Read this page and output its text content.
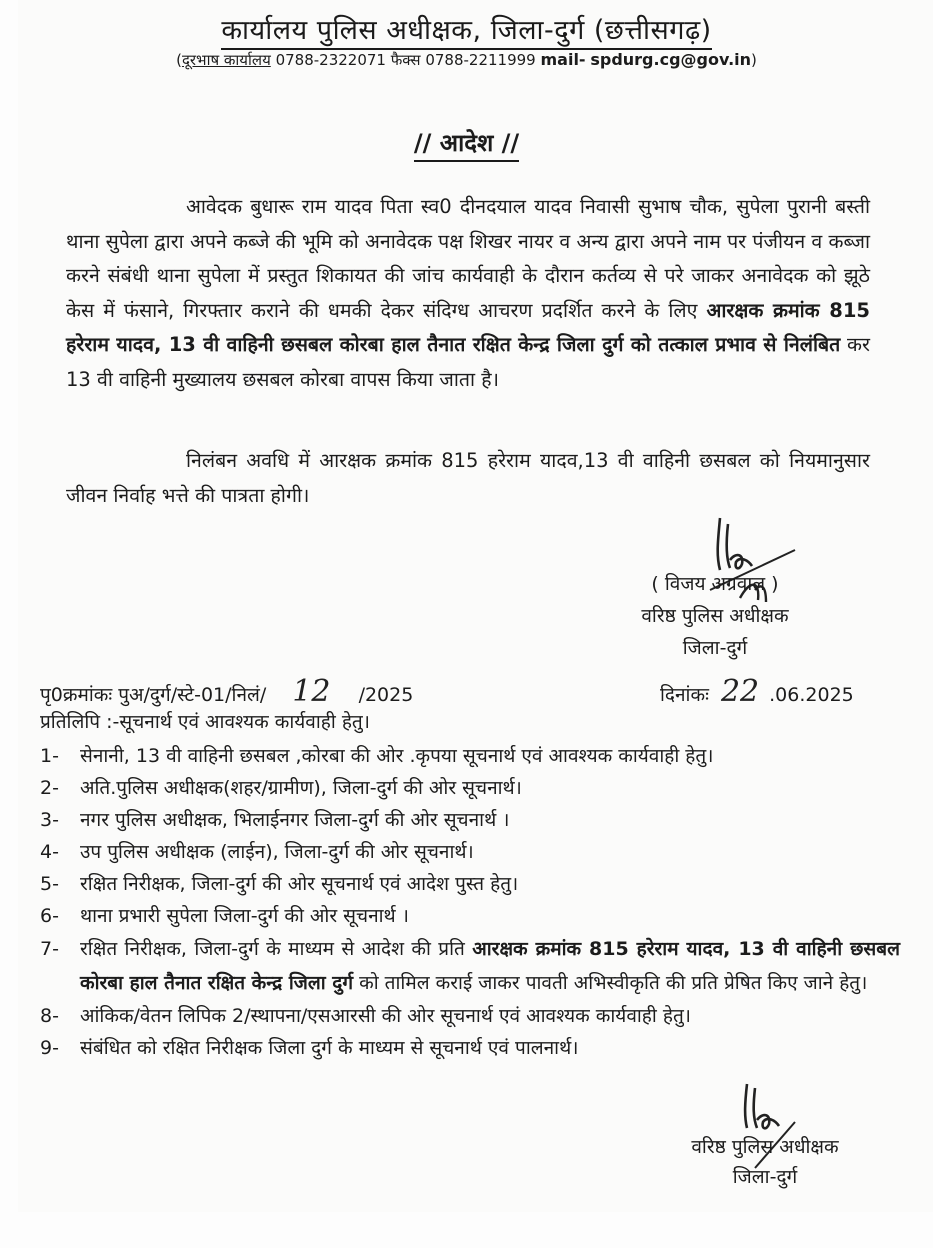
कार्यालय पुलिस अधीक्षक, जिला-दुर्ग (छत्तीसगढ़)
(दूरभाष कार्यालय 0788-2322071 फैक्स 0788-2211999 mail- spdurg.cg@gov.in)
// आदेश //
आवेदक बुधारू राम यादव पिता स्व0 दीनदयाल यादव निवासी सुभाष चौक, सुपेला पुरानी बस्ती थाना सुपेला द्वारा अपने कब्जे की भूमि को अनावेदक पक्ष शिखर नायर व अन्य द्वारा अपने नाम पर पंजीयन व कब्जा करने संबंधी थाना सुपेला में प्रस्तुत शिकायत की जांच कार्यवाही के दौरान कर्तव्य से परे जाकर अनावेदक को झूठे केस में फंसाने, गिरफ्तार कराने की धमकी देकर संदिग्ध आचरण प्रदर्शित करने के लिए आरक्षक क्रमांक 815 हरेराम यादव, 13 वी वाहिनी छसबल कोरबा हाल तैनात रक्षित केन्द्र जिला दुर्ग को तत्काल प्रभाव से निलंबित कर 13 वी वाहिनी मुख्यालय छसबल कोरबा वापस किया जाता है।
निलंबन अवधि में आरक्षक क्रमांक 815 हरेराम यादव,13 वी वाहिनी छसबल को नियमानुसार जीवन निर्वाह भत्ते की पात्रता होगी।
( विजय अग्रवाल )
वरिष्ठ पुलिस अधीक्षक
जिला-दुर्ग
पृ0क्रमांकः पुअ/दुर्ग/स्टे-01/निलं/ 12 /2025	दिनांकः 22 .06.2025
प्रतिलिपि :-सूचनार्थ एवं आवश्यक कार्यवाही हेतु।
1- सेनानी, 13 वी वाहिनी छसबल ,कोरबा की ओर .कृपया सूचनार्थ एवं आवश्यक कार्यवाही हेतु।
2- अति.पुलिस अधीक्षक(शहर/ग्रामीण), जिला-दुर्ग की ओर सूचनार्थ।
3- नगर पुलिस अधीक्षक, भिलाईनगर जिला-दुर्ग की ओर सूचनार्थ ।
4- उप पुलिस अधीक्षक (लाईन), जिला-दुर्ग की ओर सूचनार्थ।
5- रक्षित निरीक्षक, जिला-दुर्ग की ओर सूचनार्थ एवं आदेश पुस्त हेतु।
6- थाना प्रभारी सुपेला जिला-दुर्ग की ओर सूचनार्थ ।
7- रक्षित निरीक्षक, जिला-दुर्ग के माध्यम से आदेश की प्रति आरक्षक क्रमांक 815 हरेराम यादव, 13 वी वाहिनी छसबल कोरबा हाल तैनात रक्षित केन्द्र जिला दुर्ग को तामिल कराई जाकर पावती अभिस्वीकृति की प्रति प्रेषित किए जाने हेतु।
8- आंकिक/वेतन लिपिक 2/स्थापना/एसआरसी की ओर सूचनार्थ एवं आवश्यक कार्यवाही हेतु।
9- संबंधित को रक्षित निरीक्षक जिला दुर्ग के माध्यम से सूचनार्थ एवं पालनार्थ।
वरिष्ठ पुलिस अधीक्षक
जिला-दुर्ग
